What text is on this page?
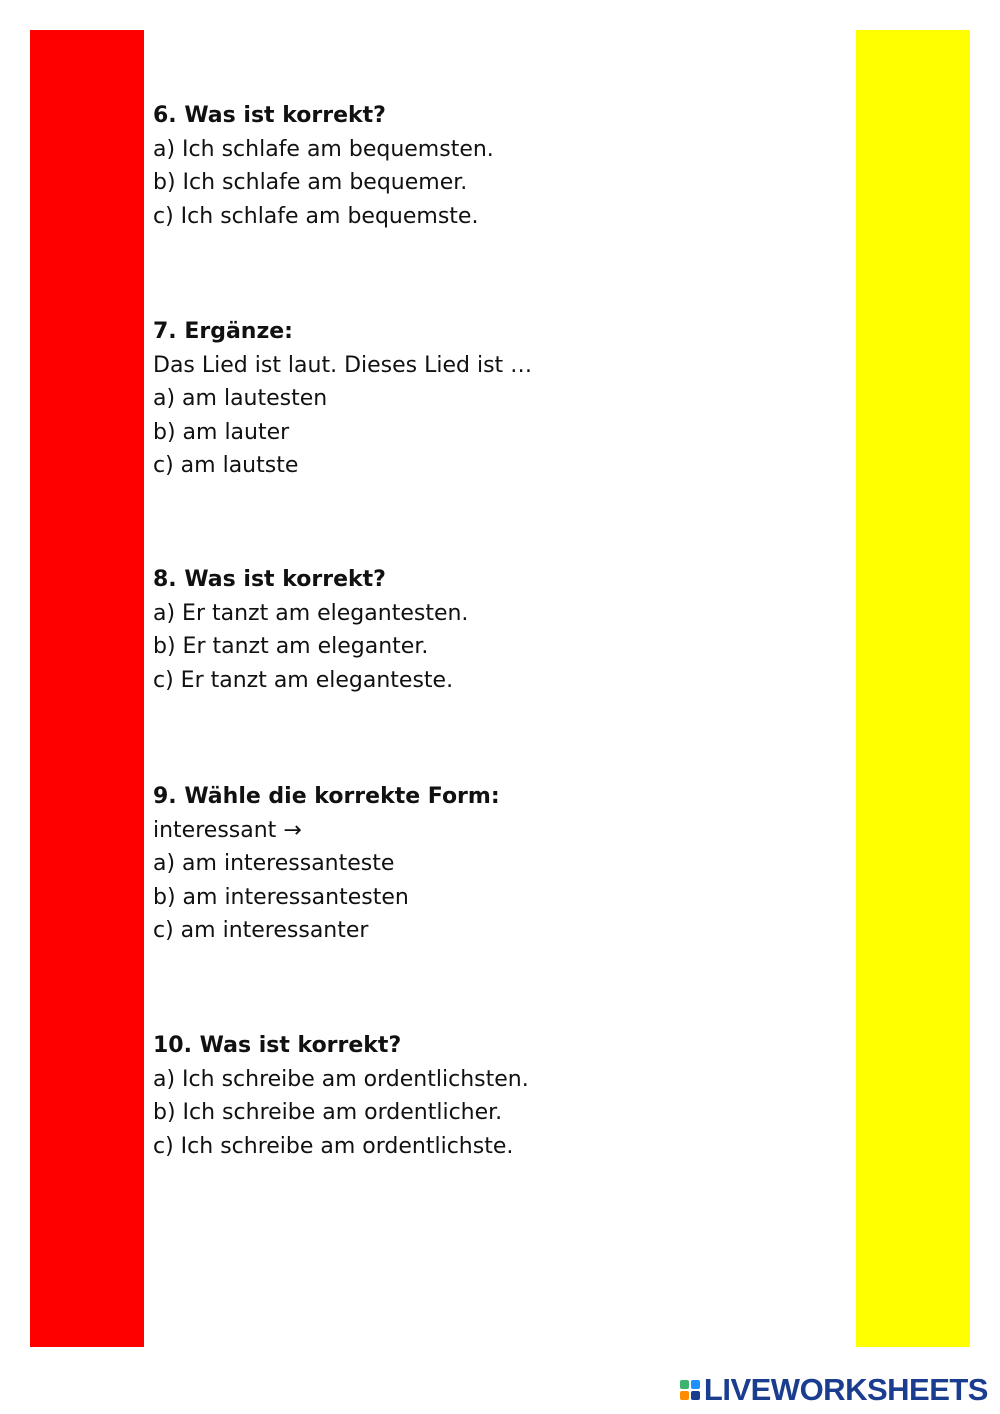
6. Was ist korrekt?
a) Ich schlafe am bequemsten.
b) Ich schlafe am bequemer.
c) Ich schlafe am bequemste.
7. Ergänze:
Das Lied ist laut. Dieses Lied ist …
a) am lautesten
b) am lauter
c) am lautste
8. Was ist korrekt?
a) Er tanzt am elegantesten.
b) Er tanzt am eleganter.
c) Er tanzt am eleganteste.
9. Wähle die korrekte Form:
interessant →
a) am interessanteste
b) am interessantesten
c) am interessanter
10. Was ist korrekt?
a) Ich schreibe am ordentlichsten.
b) Ich schreibe am ordentlicher.
c) Ich schreibe am ordentlichste.
LIVEWORKSHEETS
